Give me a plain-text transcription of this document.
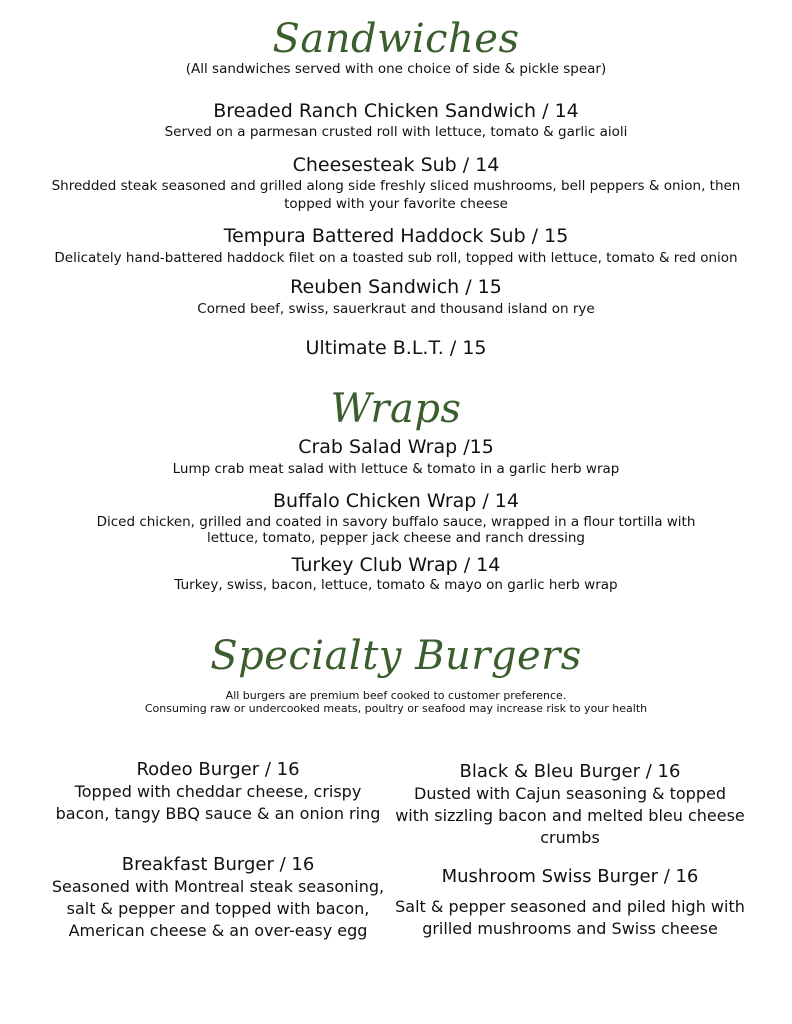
Sandwiches
(All sandwiches served with one choice of side & pickle spear)
Breaded Ranch Chicken Sandwich / 14
Served on a parmesan crusted roll with lettuce, tomato & garlic aioli
Cheesesteak Sub / 14
Shredded steak seasoned and grilled along side freshly sliced mushrooms, bell peppers & onion, then
topped with your favorite cheese
Tempura Battered Haddock Sub / 15
Delicately hand-battered haddock filet on a toasted sub roll, topped with lettuce, tomato & red onion
Reuben Sandwich / 15
Corned beef, swiss, sauerkraut and thousand island on rye
Ultimate B.L.T. / 15
Wraps
Crab Salad Wrap /15
Lump crab meat salad with lettuce & tomato in a garlic herb wrap
Buffalo Chicken Wrap / 14
Diced chicken, grilled and coated in savory buffalo sauce, wrapped in a flour tortilla with
lettuce, tomato, pepper jack cheese and ranch dressing
Turkey Club Wrap / 14
Turkey, swiss, bacon, lettuce, tomato & mayo on garlic herb wrap
Specialty Burgers
All burgers are premium beef cooked to customer preference.
Consuming raw or undercooked meats, poultry or seafood may increase risk to your health
Rodeo Burger / 16
Topped with cheddar cheese, crispy
bacon, tangy BBQ sauce & an onion ring
Breakfast Burger / 16
Seasoned with Montreal steak seasoning,
salt & pepper and topped with bacon,
American cheese & an over-easy egg
Black & Bleu Burger / 16
Dusted with Cajun seasoning & topped
with sizzling bacon and melted bleu cheese
crumbs
Mushroom Swiss Burger / 16
Salt & pepper seasoned and piled high with
grilled mushrooms and Swiss cheese
